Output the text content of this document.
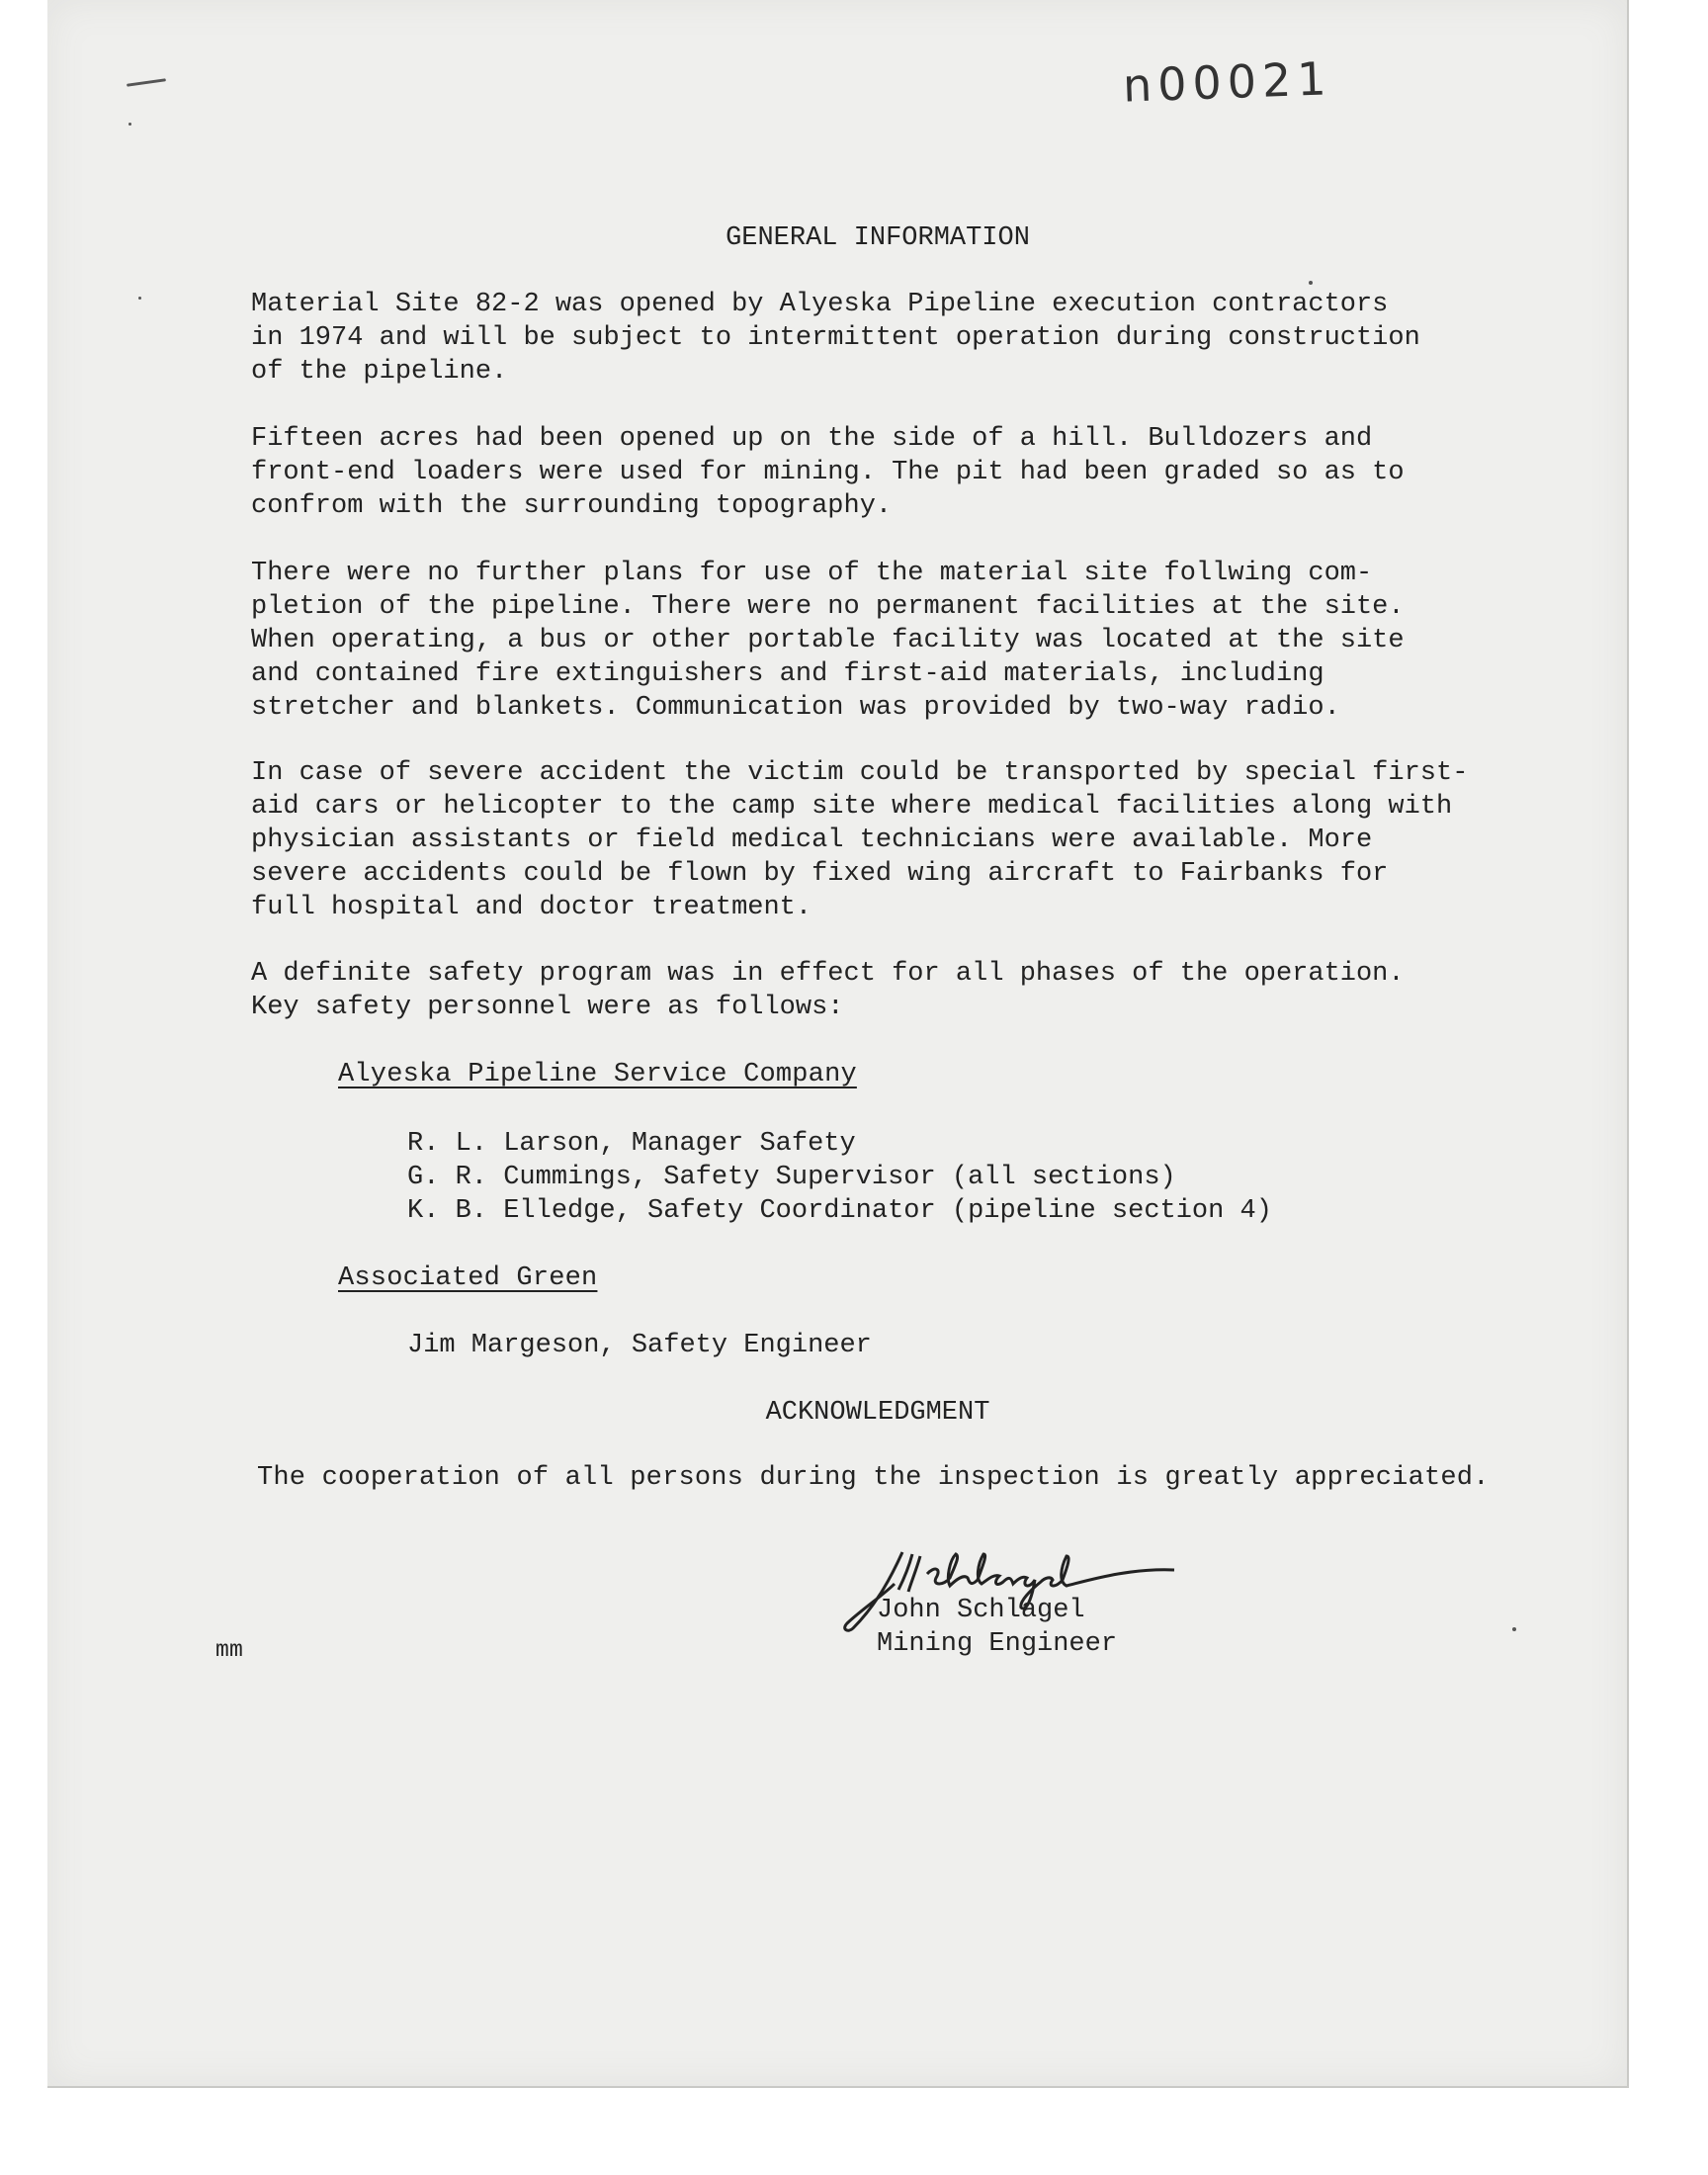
n00021
GENERAL INFORMATION
Material Site 82-2 was opened by Alyeska Pipeline execution contractors
in 1974 and will be subject to intermittent operation during construction
of the pipeline.
Fifteen acres had been opened up on the side of a hill. Bulldozers and
front-end loaders were used for mining. The pit had been graded so as to
confrom with the surrounding topography.
There were no further plans for use of the material site follwing com-
pletion of the pipeline. There were no permanent facilities at the site.
When operating, a bus or other portable facility was located at the site
and contained fire extinguishers and first-aid materials, including
stretcher and blankets. Communication was provided by two-way radio.
In case of severe accident the victim could be transported by special first-
aid cars or helicopter to the camp site where medical facilities along with
physician assistants or field medical technicians were available. More
severe accidents could be flown by fixed wing aircraft to Fairbanks for
full hospital and doctor treatment.
A definite safety program was in effect for all phases of the operation.
Key safety personnel were as follows:
Alyeska Pipeline Service Company
R. L. Larson, Manager Safety
G. R. Cummings, Safety Supervisor (all sections)
K. B. Elledge, Safety Coordinator (pipeline section 4)
Associated Green
Jim Margeson, Safety Engineer
ACKNOWLEDGMENT
The cooperation of all persons during the inspection is greatly appreciated.
John Schlagel
Mining Engineer
mm
